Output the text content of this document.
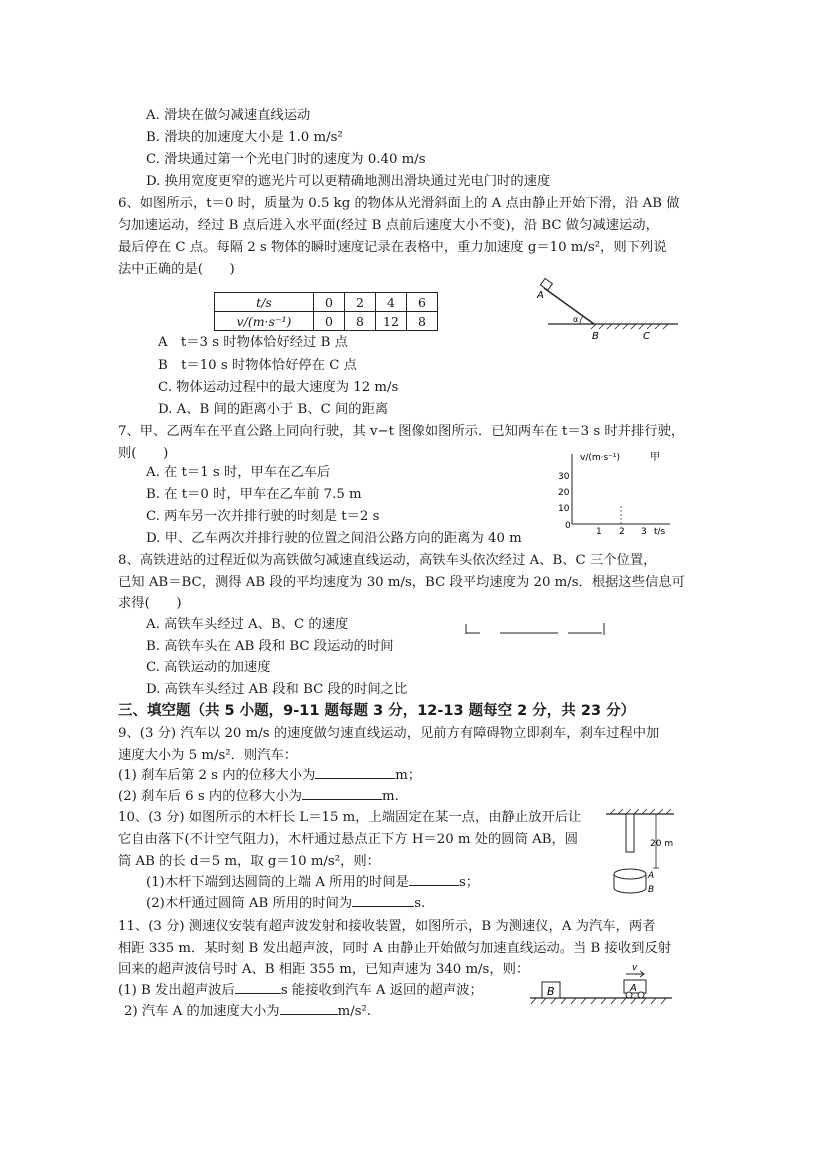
A. 滑块在做匀减速直线运动
B. 滑块的加速度大小是 1.0 m/s²
C. 滑块通过第一个光电门时的速度为 0.40 m/s
D. 换用宽度更窄的遮光片可以更精确地测出滑块通过光电门时的速度
6、如图所示，t＝0 时，质量为 0.5 kg 的物体从光滑斜面上的 A 点由静止开始下滑，沿 AB 做
匀加速运动，经过 B 点后进入水平面(经过 B 点前后速度大小不变)，沿 BC 做匀减速运动，
最后停在 C 点。每隔 2 s 物体的瞬时速度记录在表格中，重力加速度 g＝10 m/s²，则下列说
法中正确的是(　　)
t/s	0	2	4	6
v/(m·s⁻¹)	0	8	12	8	α
A
B	C
A　t＝3 s 时物体恰好经过 B 点
B　t＝10 s 时物体恰好停在 C 点
C. 物体运动过程中的最大速度为 12 m/s
D. A、B 间的距离小于 B、C 间的距离
7、甲、乙两车在平直公路上同向行驶，其 v−t 图像如图所示．已知两车在 t＝3 s 时并排行驶，
则(　　)
A. 在 t＝1 s 时，甲车在乙车后
B. 在 t＝0 时，甲车在乙车前 7.5 m
C. 两车另一次并排行驶的时刻是 t＝2 s
D. 甲、乙车两次并排行驶的位置之间沿公路方向的距离为 40 m
v/(m·s⁻¹)	甲
30
20
10
0
1 2 3 t/s
8、高铁进站的过程近似为高铁做匀减速直线运动，高铁车头依次经过 A、B、C 三个位置，
已知 AB＝BC，测得 AB 段的平均速度为 30 m/s，BC 段平均速度为 20 m/s．根据这些信息可
求得(　　)
A. 高铁车头经过 A、B、C 的速度
B. 高铁车头在 AB 段和 BC 段运动的时间
C. 高铁运动的加速度
D. 高铁车头经过 AB 段和 BC 段的时间之比
三、填空题（共 5 小题，9-11 题每题 3 分，12-13 题每空 2 分，共 23 分）
9、(3 分) 汽车以 20 m/s 的速度做匀速直线运动，见前方有障碍物立即刹车，刹车过程中加
速度大小为 5 m/s²．则汽车：
(1) 刹车后第 2 s 内的位移大小为	m；
(2) 刹车后 6 s 内的位移大小为	m.
10、(3 分) 如图所示的木杆长 L＝15 m，上端固定在某一点，由静止放开后让
它自由落下(不计空气阻力)，木杆通过悬点正下方 H＝20 m 处的圆筒 AB，圆
筒 AB 的长 d＝5 m，取 g＝10 m/s²，则：
(1)木杆下端到达圆筒的上端 A 所用的时间是	s；
(2)木杆通过圆筒 AB 所用的时间为	s.
20 m
A
B
11、(3 分) 测速仪安装有超声波发射和接收装置，如图所示，B 为测速仪，A 为汽车，两者
相距 335 m．某时刻 B 发出超声波，同时 A 由静止开始做匀加速直线运动。当 B 接收到反射
回来的超声波信号时 A、B 相距 355 m，已知声速为 340 m/s，则：
(1) B 发出超声波后	s 能接收到汽车 A 返回的超声波；
2) 汽车 A 的加速度大小为	m/s².
B	A
v
